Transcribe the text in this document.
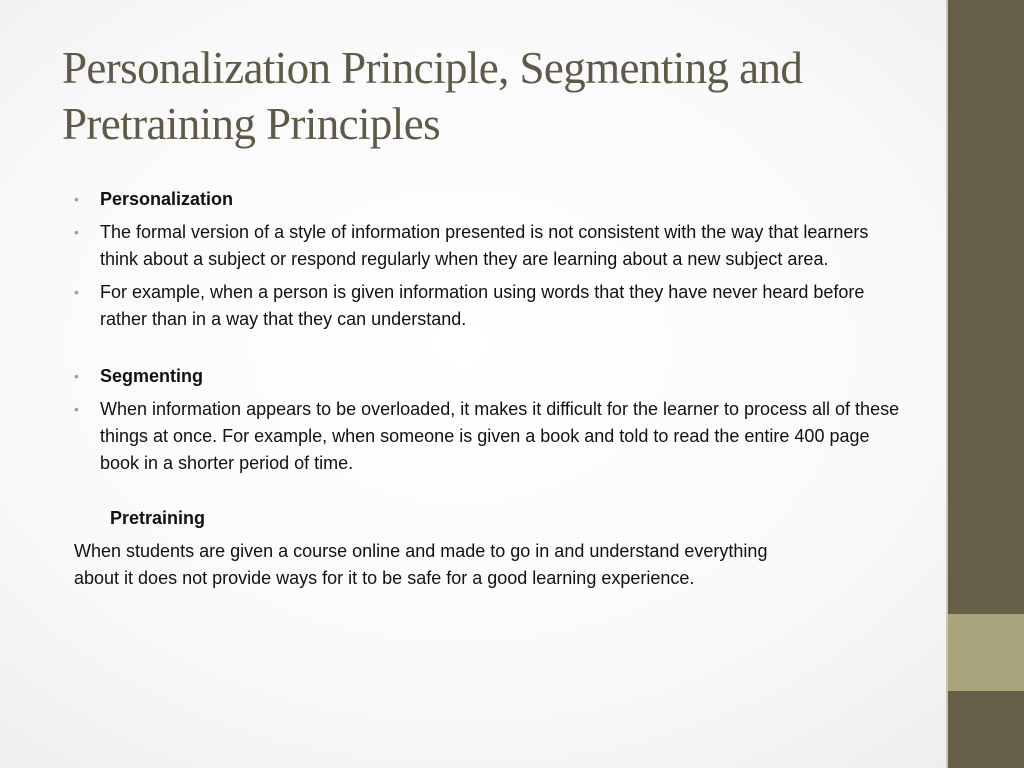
Personalization Principle, Segmenting and Pretraining Principles
• Personalization
• The formal version of a style of information presented is not consistent with the way that learners think about a subject or respond regularly when they are learning about a new subject area.
• For example, when a person is given information using words that they have never heard before rather than in a way that they can understand.
• Segmenting
• When information appears to be overloaded, it makes it difficult for the learner to process all of these things at once. For example, when someone is given a book and told to read the entire 400 page book in a shorter period of time.
Pretraining

When students are given a course online and made to go in and understand everything about it does not provide ways for it to be safe for a good learning experience.
